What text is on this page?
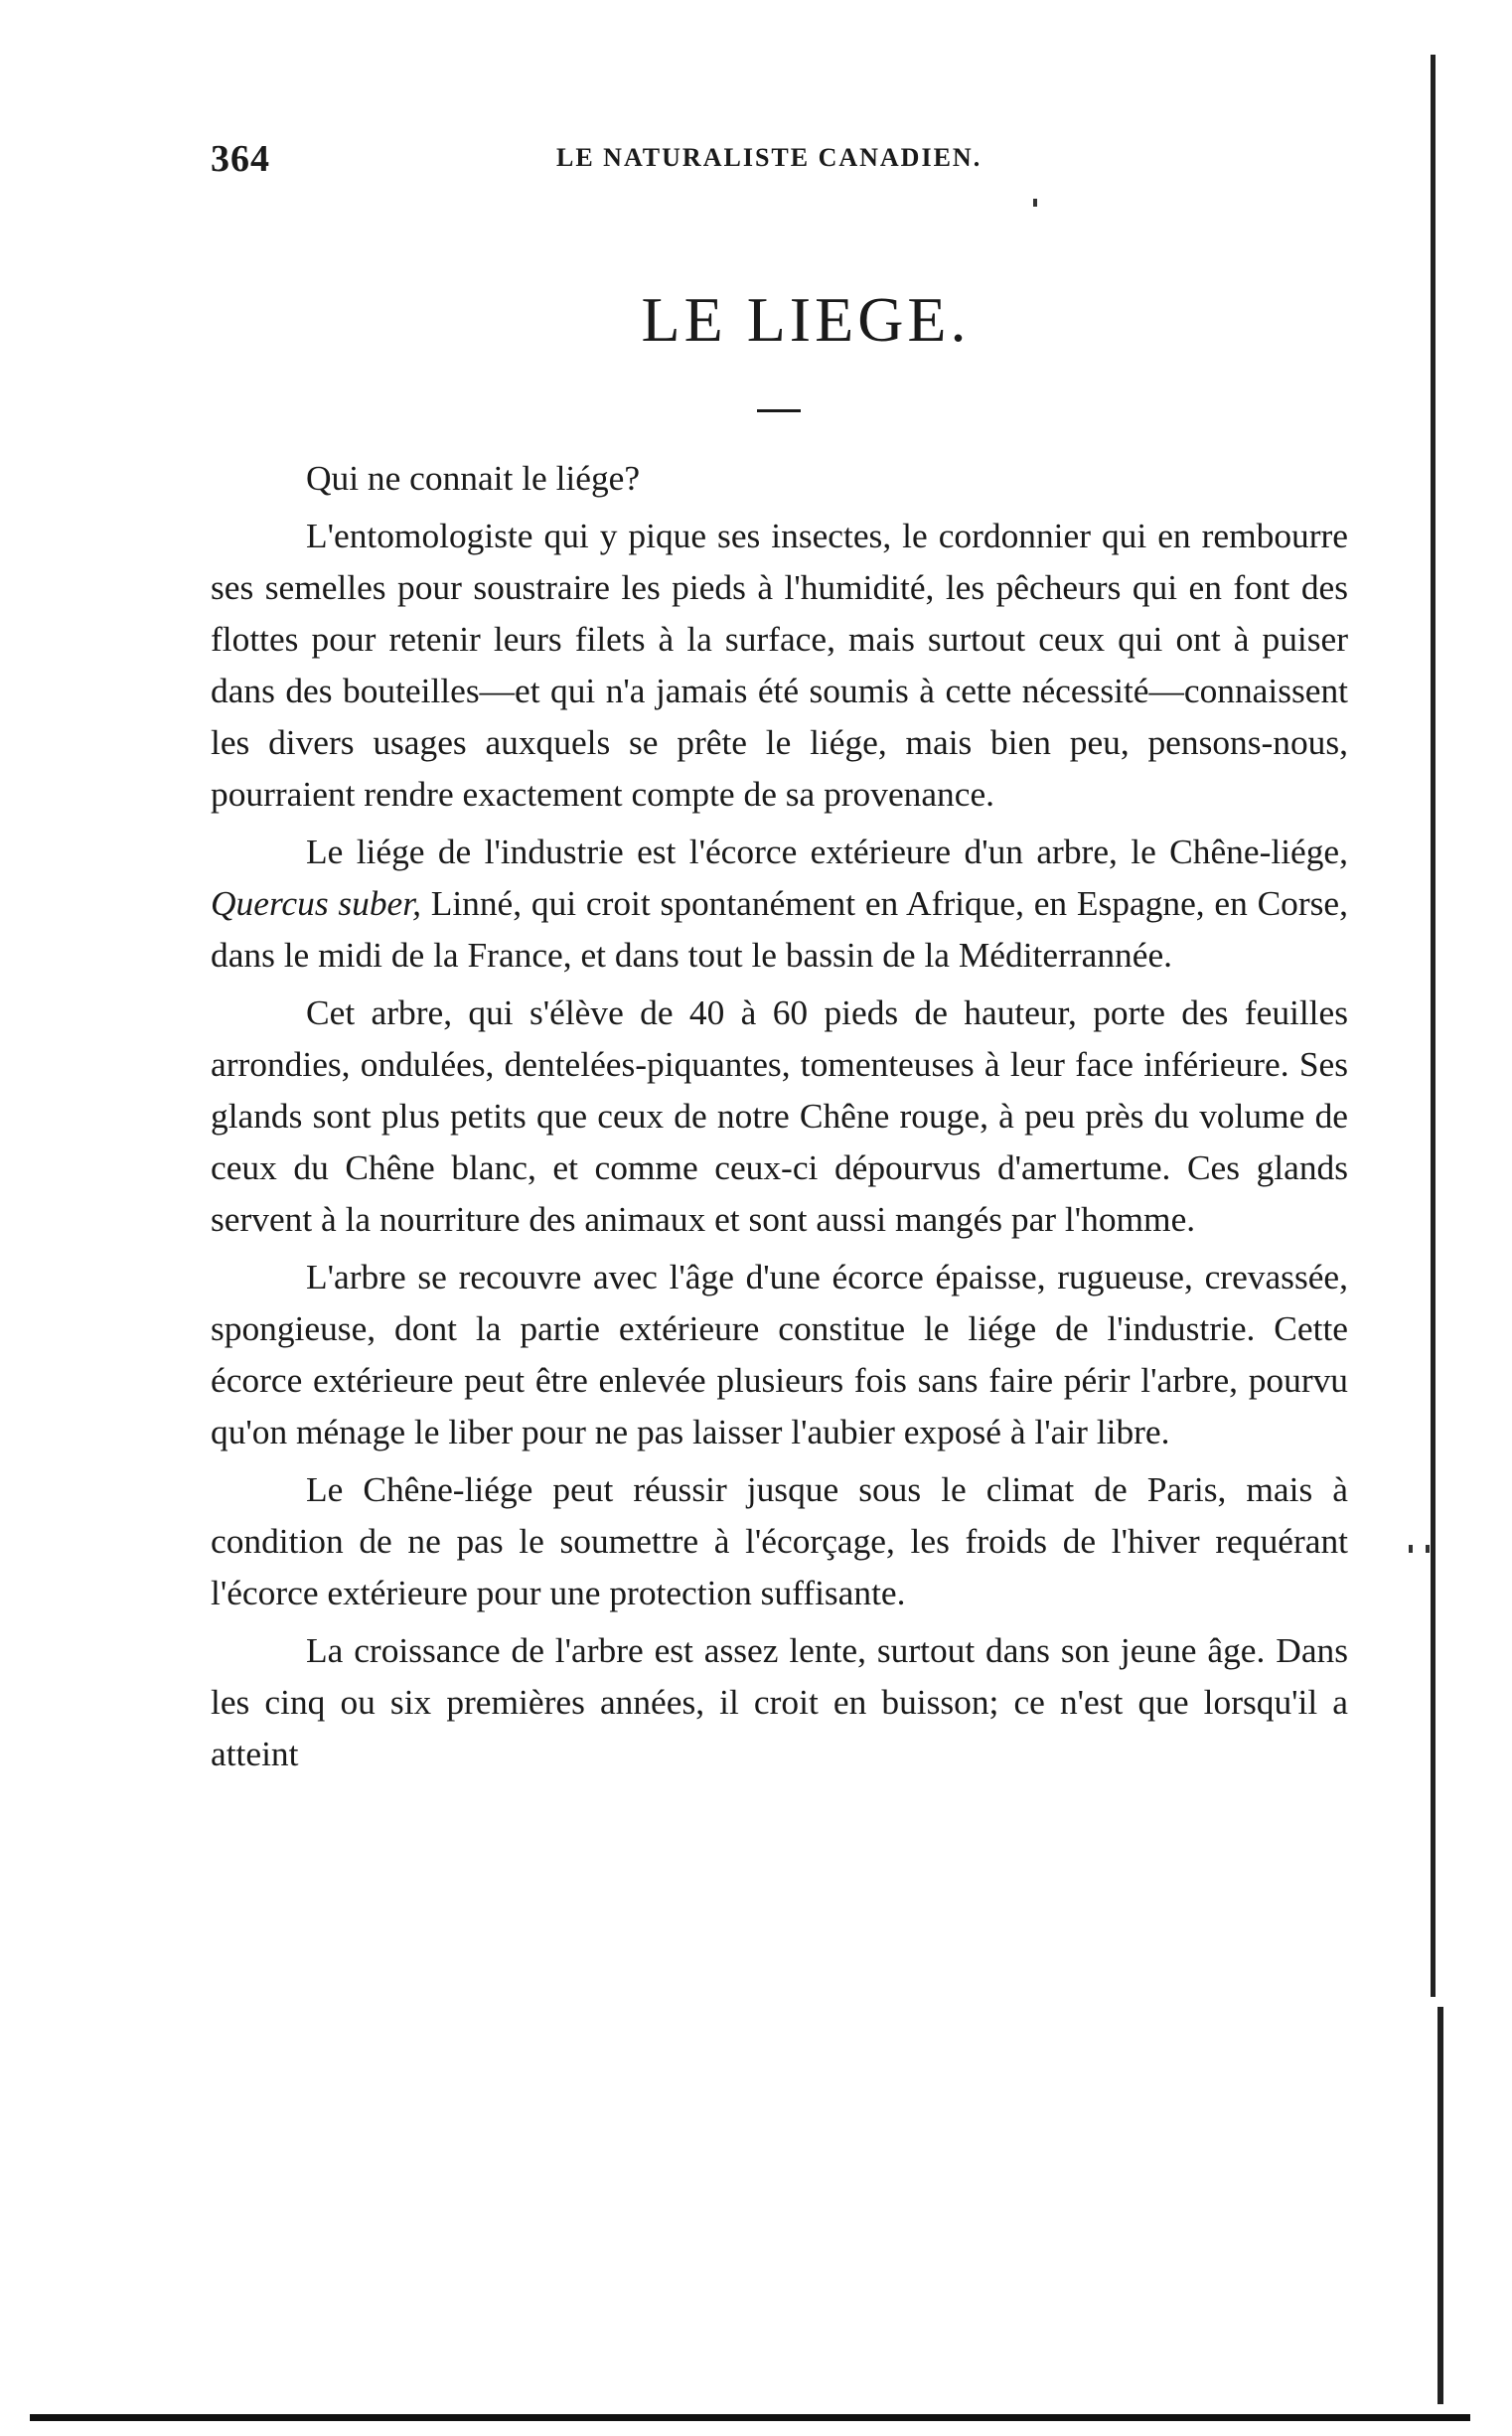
364	LE NATURALISTE CANADIEN.
LE LIEGE.

Qui ne connait le liége?

L'entomologiste qui y pique ses insectes, le cordonnier qui en rembourre ses semelles pour soustraire les pieds à l'humidité, les pêcheurs qui en font des flottes pour retenir leurs filets à la surface, mais surtout ceux qui ont à puiser dans des bouteilles—et qui n'a jamais été soumis à cette nécessité—connaissent les divers usages auxquels se prête le liége, mais bien peu, pensons-nous, pourraient rendre exactement compte de sa provenance.

Le liége de l'industrie est l'écorce extérieure d'un arbre, le Chêne-liége, Quercus suber, Linné, qui croit spontanément en Afrique, en Espagne, en Corse, dans le midi de la France, et dans tout le bassin de la Méditerrannée.

Cet arbre, qui s'élève de 40 à 60 pieds de hauteur, porte des feuilles arrondies, ondulées, dentelées-piquantes, tomenteuses à leur face inférieure. Ses glands sont plus petits que ceux de notre Chêne rouge, à peu près du volume de ceux du Chêne blanc, et comme ceux-ci dépourvus d'amertume. Ces glands servent à la nourriture des animaux et sont aussi mangés par l'homme.

L'arbre se recouvre avec l'âge d'une écorce épaisse, rugueuse, crevassée, spongieuse, dont la partie extérieure constitue le liége de l'industrie. Cette écorce extérieure peut être enlevée plusieurs fois sans faire périr l'arbre, pourvu qu'on ménage le liber pour ne pas laisser l'aubier exposé à l'air libre.

Le Chêne-liége peut réussir jusque sous le climat de Paris, mais à condition de ne pas le soumettre à l'écorçage, les froids de l'hiver requérant l'écorce extérieure pour une protection suffisante.

La croissance de l'arbre est assez lente, surtout dans son jeune âge. Dans les cinq ou six premières années, il croit en buisson; ce n'est que lorsqu'il a atteint
